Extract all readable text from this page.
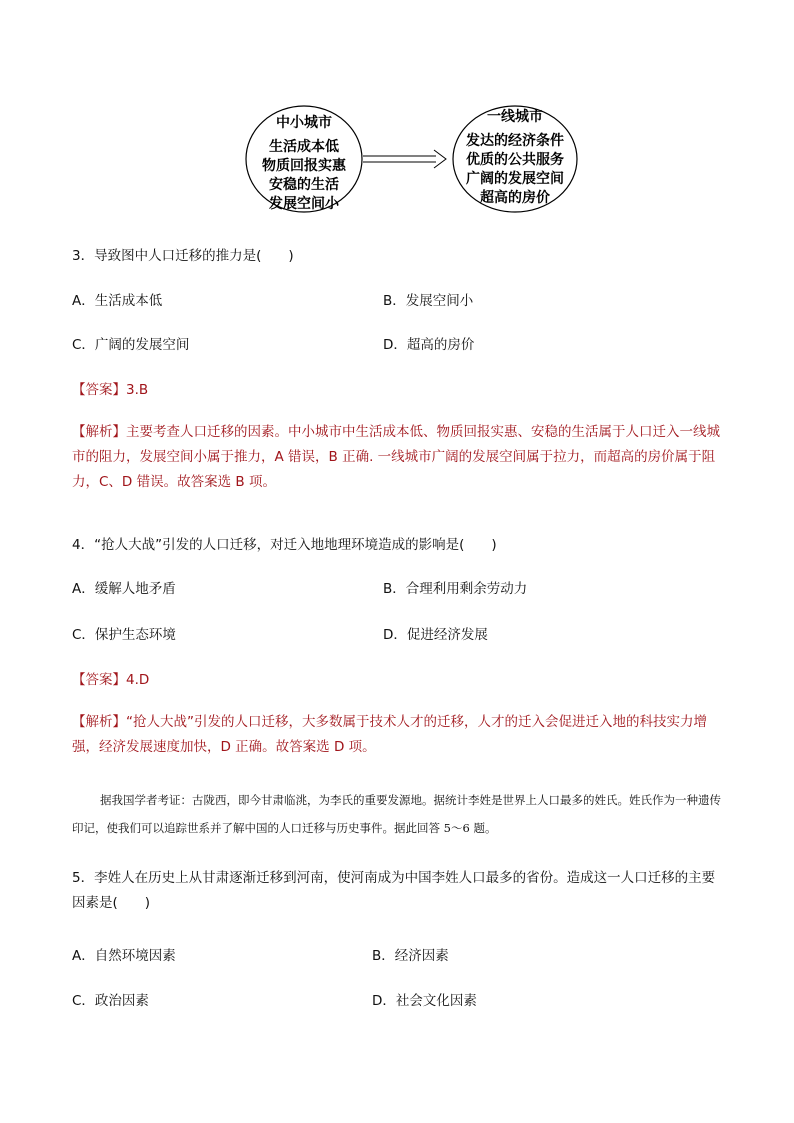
中小城市
生活成本低
物质回报实惠
安稳的生活
发展空间小
一线城市
发达的经济条件
优质的公共服务
广阔的发展空间
超高的房价
3．导致图中人口迁移的推力是(　　)
A．生活成本低	B．发展空间小
C．广阔的发展空间	D．超高的房价
【答案】3.B
【解析】主要考查人口迁移的因素。中小城市中生活成本低、物质回报实惠、安稳的生活属于人口迁入一线城市的阻力，发展空间小属于推力，A 错误，B 正确. 一线城市广阔的发展空间属于拉力，而超高的房价属于阻力，C、D 错误。故答案选 B 项。
4．“抢人大战”引发的人口迁移，对迁入地地理环境造成的影响是(　　)
A．缓解人地矛盾	B．合理利用剩余劳动力
C．保护生态环境	D．促进经济发展
【答案】4.D
【解析】“抢人大战”引发的人口迁移，大多数属于技术人才的迁移，人才的迁入会促进迁入地的科技实力增强，经济发展速度加快，D 正确。故答案选 D 项。
据我国学者考证：古陇西，即今甘肃临洮，为李氏的重要发源地。据统计李姓是世界上人口最多的姓氏。姓氏作为一种遗传印记，使我们可以追踪世系并了解中国的人口迁移与历史事件。据此回答 5～6 题。
5．李姓人在历史上从甘肃逐渐迁移到河南，使河南成为中国李姓人口最多的省份。造成这一人口迁移的主要因素是(　　)
A．自然环境因素	B．经济因素
C．政治因素	D．社会文化因素
